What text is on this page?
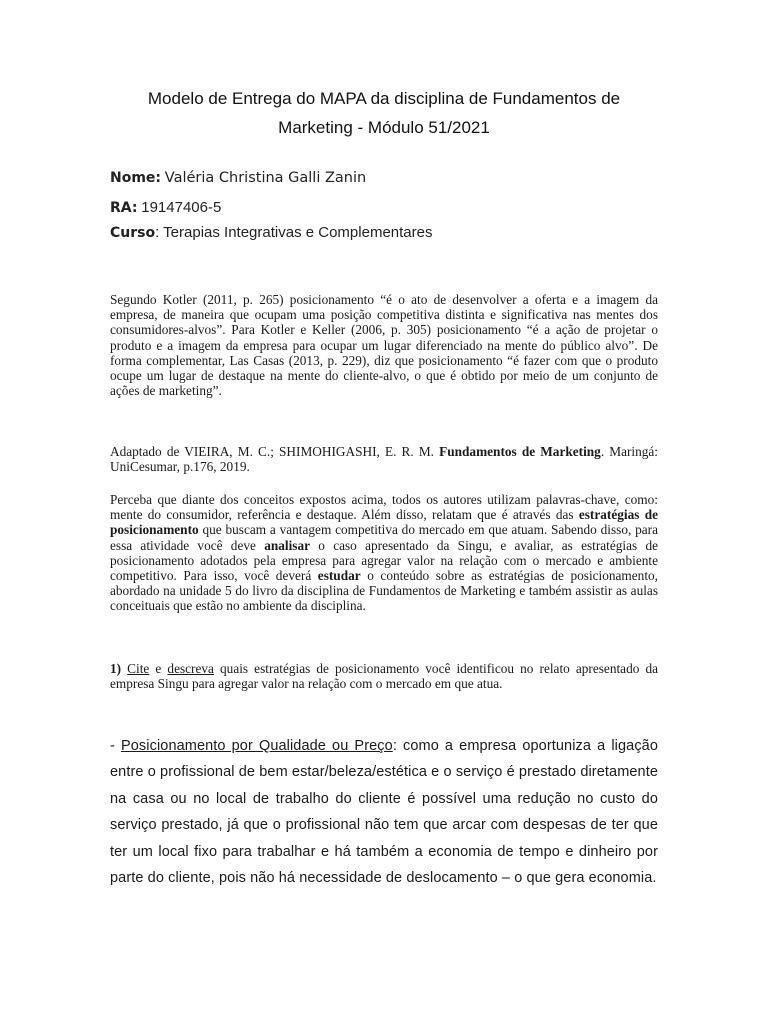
Modelo de Entrega do MAPA da disciplina de Fundamentos de
Marketing - Módulo 51/2021
Nome: Valéria Christina Galli Zanin
RA: 19147406-5
Curso: Terapias Integrativas e Complementares

Segundo Kotler (2011, p. 265) posicionamento “é o ato de desenvolver a oferta e a imagem da empresa, de maneira que ocupam uma posição competitiva distinta e significativa nas mentes dos consumidores-alvos”. Para Kotler e Keller (2006, p. 305) posicionamento “é a ação de projetar o produto e a imagem da empresa para ocupar um lugar diferenciado na mente do público alvo”. De forma complementar, Las Casas (2013, p. 229), diz que posicionamento “é fazer com que o produto ocupe um lugar de destaque na mente do cliente-alvo, o que é obtido por meio de um conjunto de ações de marketing”.

Adaptado de VIEIRA, M. C.; SHIMOHIGASHI, E. R. M. Fundamentos de Marketing. Maringá: UniCesumar, p.176, 2019.

Perceba que diante dos conceitos expostos acima, todos os autores utilizam palavras-chave, como: mente do consumidor, referência e destaque. Além disso, relatam que é através das estratégias de posicionamento que buscam a vantagem competitiva do mercado em que atuam. Sabendo disso, para essa atividade você deve analisar o caso apresentado da Singu, e avaliar, as estratégias de posicionamento adotados pela empresa para agregar valor na relação com o mercado e ambiente competitivo. Para isso, você deverá estudar o conteúdo sobre as estratégias de posicionamento, abordado na unidade 5 do livro da disciplina de Fundamentos de Marketing e também assistir as aulas conceituais que estão no ambiente da disciplina.

1) Cite e descreva quais estratégias de posicionamento você identificou no relato apresentado da empresa Singu para agregar valor na relação com o mercado em que atua.

- Posicionamento por Qualidade ou Preço: como a empresa oportuniza a ligação entre o profissional de bem estar/beleza/estética e o serviço é prestado diretamente na casa ou no local de trabalho do cliente é possível uma redução no custo do serviço prestado, já que o profissional não tem que arcar com despesas de ter que ter um local fixo para trabalhar e há também a economia de tempo e dinheiro por parte do cliente, pois não há necessidade de deslocamento – o que gera economia.
